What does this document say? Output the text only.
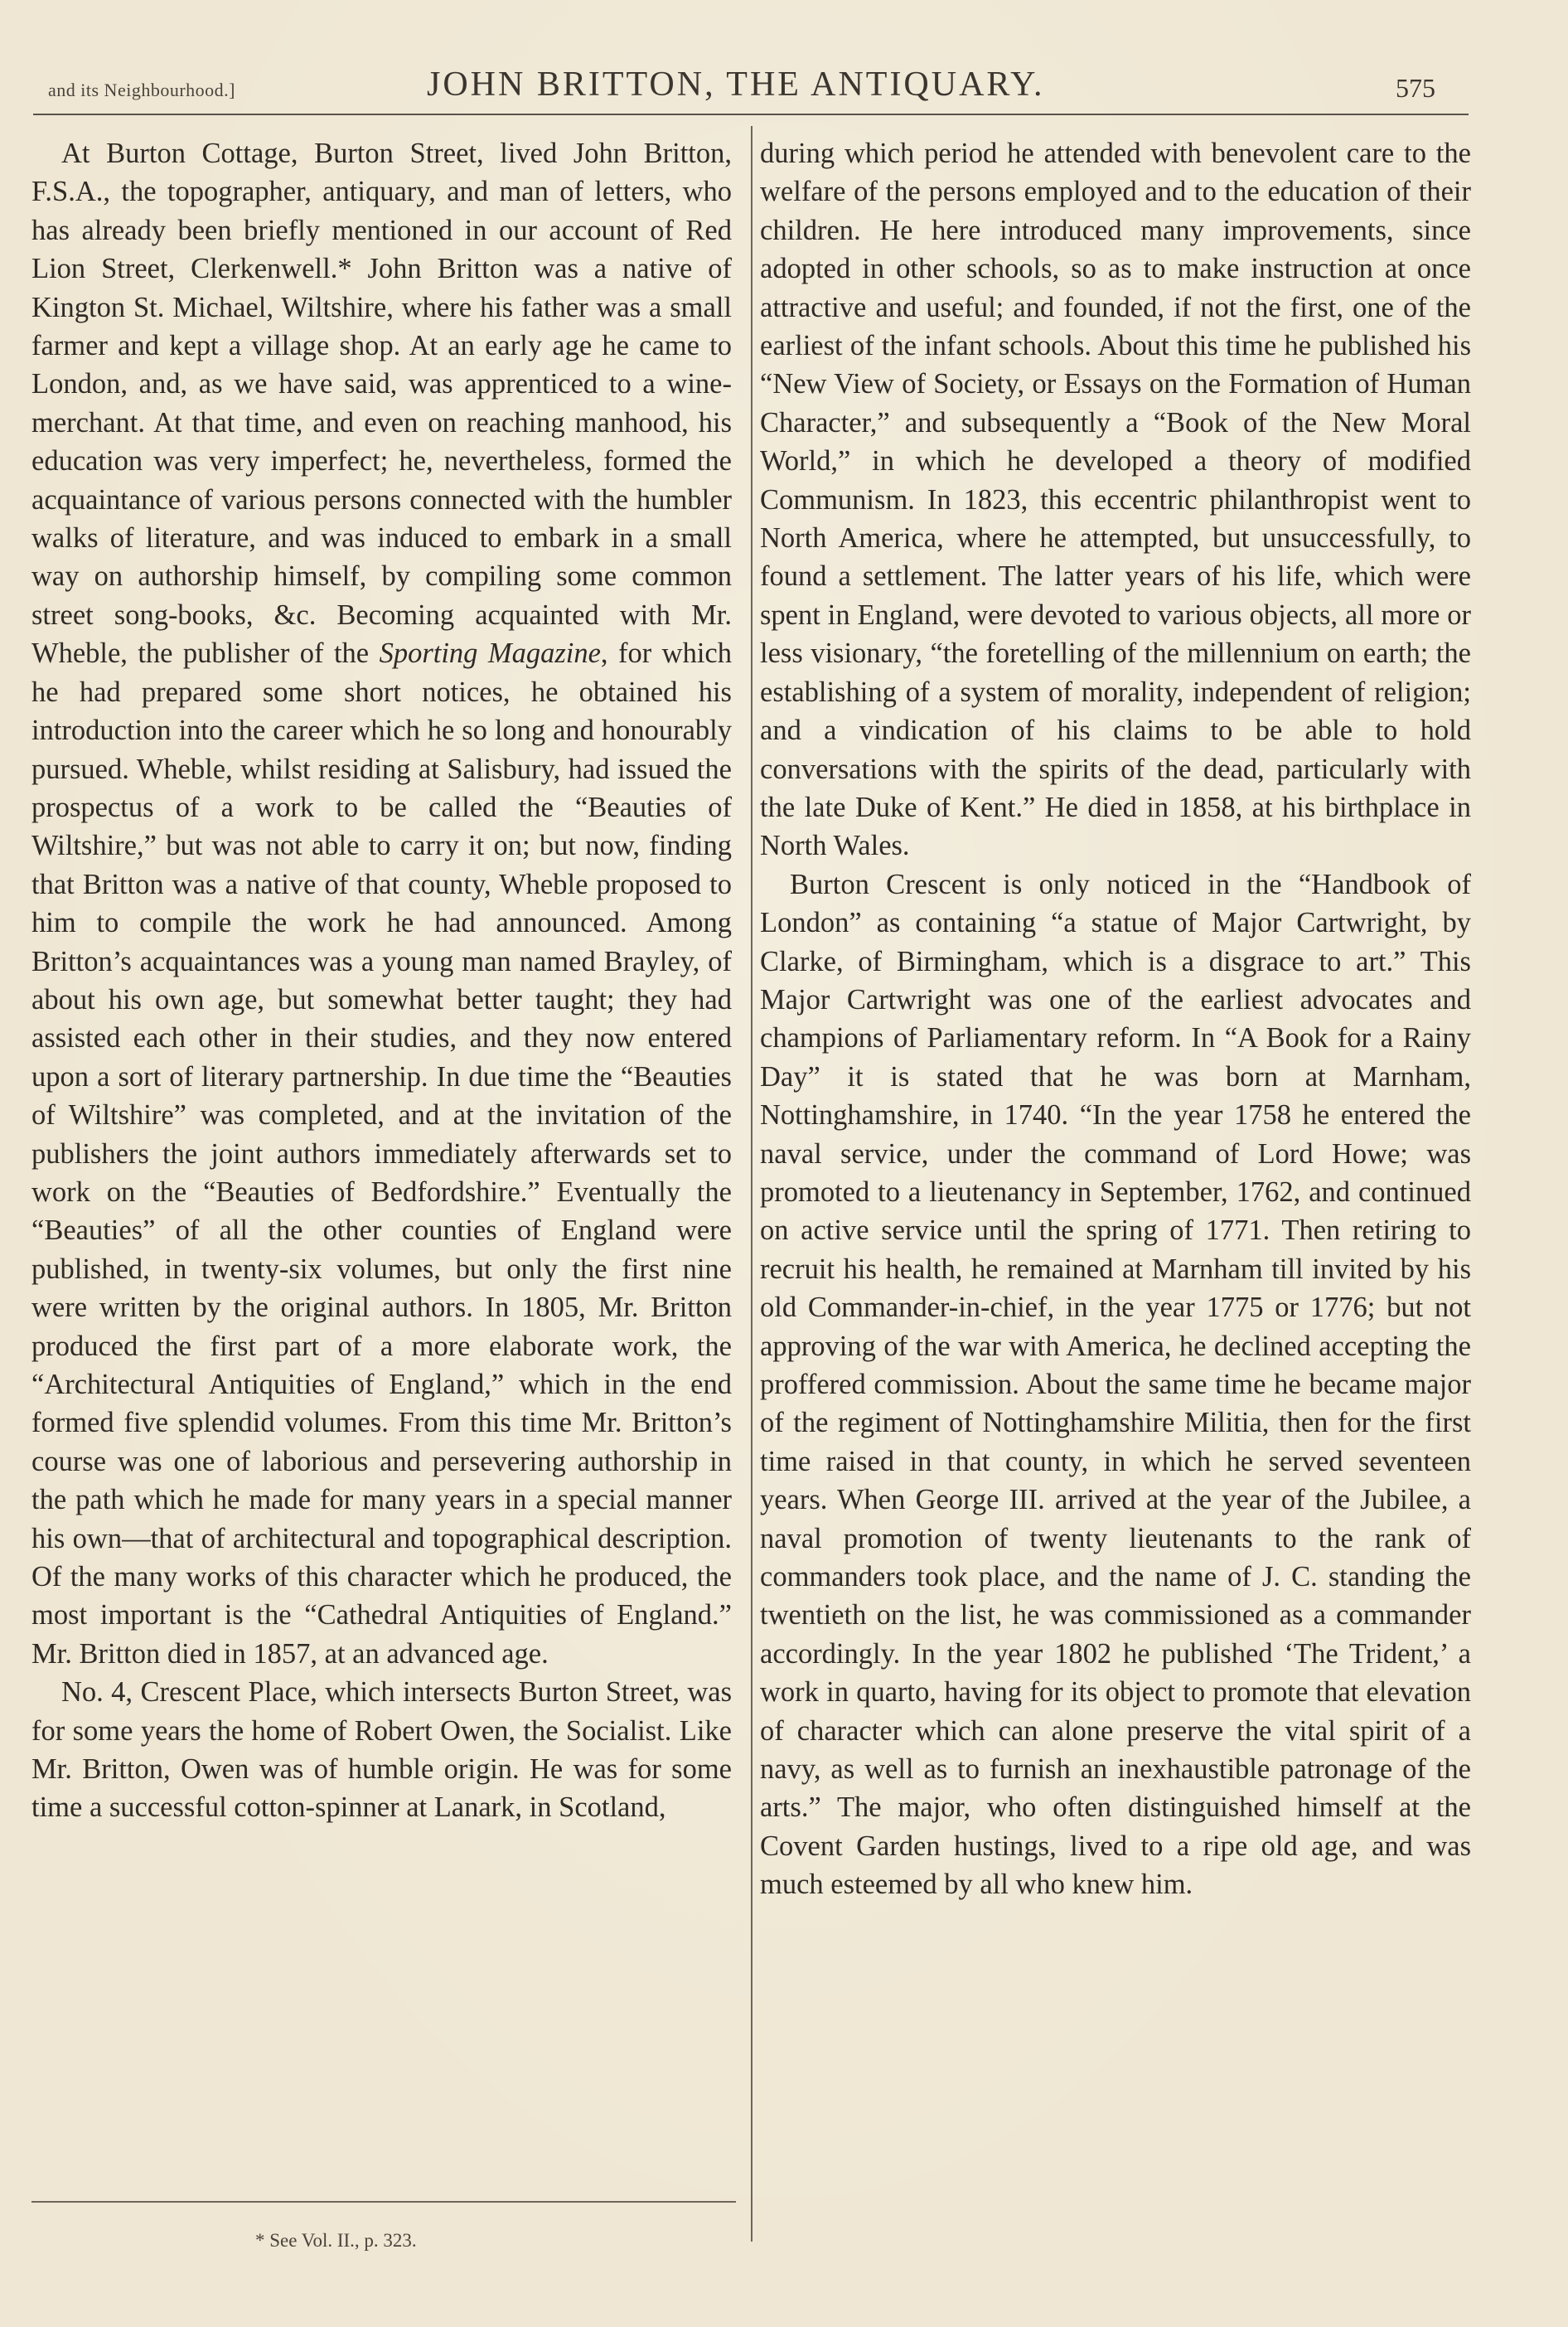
and its Neighbourhood.]	JOHN BRITTON, THE ANTIQUARY.	575

At Burton Cottage, Burton Street, lived John Britton, F.S.A., the topographer, antiquary, and man of letters, who has already been briefly mentioned in our account of Red Lion Street, Clerkenwell.* John Britton was a native of Kington St. Michael, Wiltshire, where his father was a small farmer and kept a village shop. At an early age he came to London, and, as we have said, was apprenticed to a wine-merchant. At that time, and even on reaching manhood, his education was very imperfect; he, nevertheless, formed the acquaintance of various persons connected with the humbler walks of literature, and was induced to embark in a small way on authorship himself, by compiling some common street song-books, &c. Becoming acquainted with Mr. Wheble, the publisher of the Sporting Magazine, for which he had prepared some short notices, he obtained his introduction into the career which he so long and honourably pursued. Wheble, whilst residing at Salisbury, had issued the prospectus of a work to be called the “Beauties of Wiltshire,” but was not able to carry it on; but now, finding that Britton was a native of that county, Wheble proposed to him to compile the work he had announced. Among Britton’s acquaintances was a young man named Brayley, of about his own age, but somewhat better taught; they had assisted each other in their studies, and they now entered upon a sort of literary partnership. In due time the “Beauties of Wiltshire” was completed, and at the invitation of the publishers the joint authors immediately afterwards set to work on the “Beauties of Bedfordshire.” Eventually the “Beauties” of all the other counties of England were published, in twenty-six volumes, but only the first nine were written by the original authors. In 1805, Mr. Britton produced the first part of a more elaborate work, the “Architectural Antiquities of England,” which in the end formed five splendid volumes. From this time Mr. Britton’s course was one of laborious and persevering authorship in the path which he made for many years in a special manner his own—that of architectural and topographical description. Of the many works of this character which he produced, the most important is the “Cathedral Antiquities of England.” Mr. Britton died in 1857, at an advanced age.

No. 4, Crescent Place, which intersects Burton Street, was for some years the home of Robert Owen, the Socialist. Like Mr. Britton, Owen was of humble origin. He was for some time a successful cotton-spinner at Lanark, in Scotland,

during which period he attended with benevolent care to the welfare of the persons employed and to the education of their children. He here introduced many improvements, since adopted in other schools, so as to make instruction at once attractive and useful; and founded, if not the first, one of the earliest of the infant schools. About this time he published his “New View of Society, or Essays on the Formation of Human Character,” and subsequently a “Book of the New Moral World,” in which he developed a theory of modified Communism. In 1823, this eccentric philanthropist went to North America, where he attempted, but unsuccessfully, to found a settlement. The latter years of his life, which were spent in England, were devoted to various objects, all more or less visionary, “the foretelling of the millennium on earth; the establishing of a system of morality, independent of religion; and a vindication of his claims to be able to hold conversations with the spirits of the dead, particularly with the late Duke of Kent.” He died in 1858, at his birthplace in North Wales.

Burton Crescent is only noticed in the “Handbook of London” as containing “a statue of Major Cartwright, by Clarke, of Birmingham, which is a disgrace to art.” This Major Cartwright was one of the earliest advocates and champions of Parliamentary reform. In “A Book for a Rainy Day” it is stated that he was born at Marnham, Nottinghamshire, in 1740. “In the year 1758 he entered the naval service, under the command of Lord Howe; was promoted to a lieutenancy in September, 1762, and continued on active service until the spring of 1771. Then retiring to recruit his health, he remained at Marnham till invited by his old Commander-in-chief, in the year 1775 or 1776; but not approving of the war with America, he declined accepting the proffered commission. About the same time he became major of the regiment of Nottinghamshire Militia, then for the first time raised in that county, in which he served seventeen years. When George III. arrived at the year of the Jubilee, a naval promotion of twenty lieutenants to the rank of commanders took place, and the name of J. C. standing the twentieth on the list, he was commissioned as a commander accordingly. In the year 1802 he published ‘The Trident,’ a work in quarto, having for its object to promote that elevation of character which can alone preserve the vital spirit of a navy, as well as to furnish an inexhaustible patronage of the arts.” The major, who often distinguished himself at the Covent Garden hustings, lived to a ripe old age, and was much esteemed by all who knew him.

* See Vol. II., p. 323.
